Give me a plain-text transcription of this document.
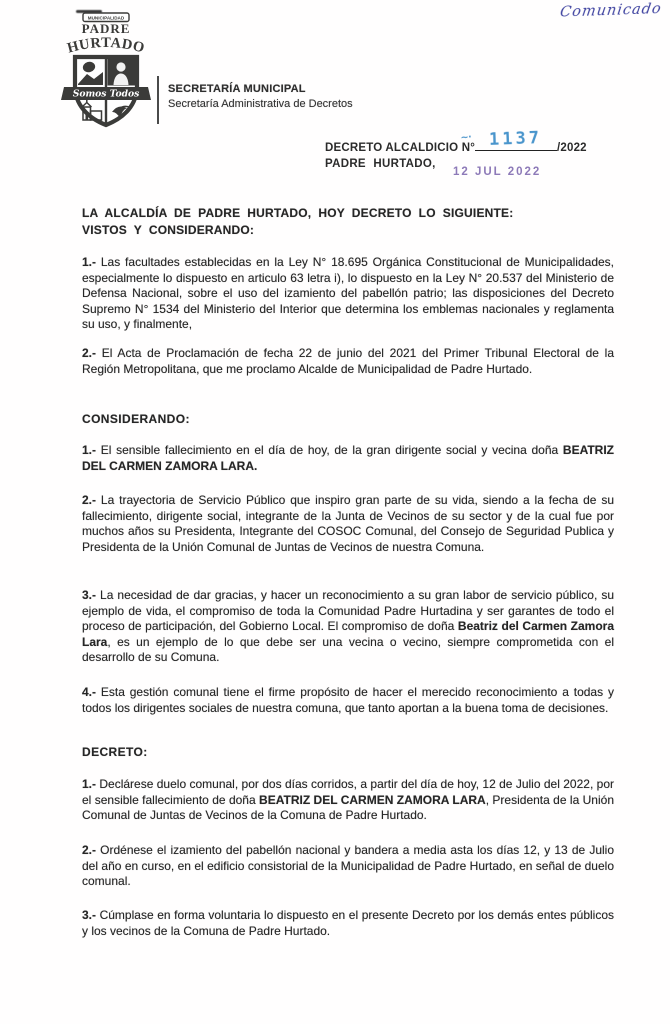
Comunicado
MUNICIPALIDAD
PADRE
HURTADO
Somos Todos	SECRETARÍA MUNICIPAL
Secretaría Administrativa de Decretos
DECRETO ALCALDICIO N°
~· 1137 /2022
PADRE HURTADO,
12 JUL 2022
LA ALCALDÍA DE PADRE HURTADO, HOY DECRETO LO SIGUIENTE:
VISTOS Y CONSIDERANDO:

1.- Las facultades establecidas en la Ley N° 18.695 Orgánica Constitucional de Municipalidades, especialmente lo dispuesto en articulo 63 letra i), lo dispuesto en la Ley N° 20.537 del Ministerio de Defensa Nacional, sobre el uso del izamiento del pabellón patrio; las disposiciones del Decreto Supremo N° 1534 del Ministerio del Interior que determina los emblemas nacionales y reglamenta su uso, y finalmente,

2.- El Acta de Proclamación de fecha 22 de junio del 2021 del Primer Tribunal Electoral de la Región Metropolitana, que me proclamo Alcalde de Municipalidad de Padre Hurtado.

CONSIDERANDO:

1.- El sensible fallecimiento en el día de hoy, de la gran dirigente social y vecina doña BEATRIZ DEL CARMEN ZAMORA LARA.

2.- La trayectoria de Servicio Público que inspiro gran parte de su vida, siendo a la fecha de su fallecimiento, dirigente social, integrante de la Junta de Vecinos de su sector y de la cual fue por muchos años su Presidenta, Integrante del COSOC Comunal, del Consejo de Seguridad Publica y Presidenta de la Unión Comunal de Juntas de Vecinos de nuestra Comuna.

3.- La necesidad de dar gracias, y hacer un reconocimiento a su gran labor de servicio público, su ejemplo de vida, el compromiso de toda la Comunidad Padre Hurtadina y ser garantes de todo el proceso de participación, del Gobierno Local. El compromiso de doña Beatriz del Carmen Zamora Lara, es un ejemplo de lo que debe ser una vecina o vecino, siempre comprometida con el desarrollo de su Comuna.

4.- Esta gestión comunal tiene el firme propósito de hacer el merecido reconocimiento a todas y todos los dirigentes sociales de nuestra comuna, que tanto aportan a la buena toma de decisiones.

DECRETO:

1.- Declárese duelo comunal, por dos días corridos, a partir del día de hoy, 12 de Julio del 2022, por el sensible fallecimiento de doña BEATRIZ DEL CARMEN ZAMORA LARA, Presidenta de la Unión Comunal de Juntas de Vecinos de la Comuna de Padre Hurtado.

2.- Ordénese el izamiento del pabellón nacional y bandera a media asta los días 12, y 13 de Julio del año en curso, en el edificio consistorial de la Municipalidad de Padre Hurtado, en señal de duelo comunal.

3.- Cúmplase en forma voluntaria lo dispuesto en el presente Decreto por los demás entes públicos y los vecinos de la Comuna de Padre Hurtado.
